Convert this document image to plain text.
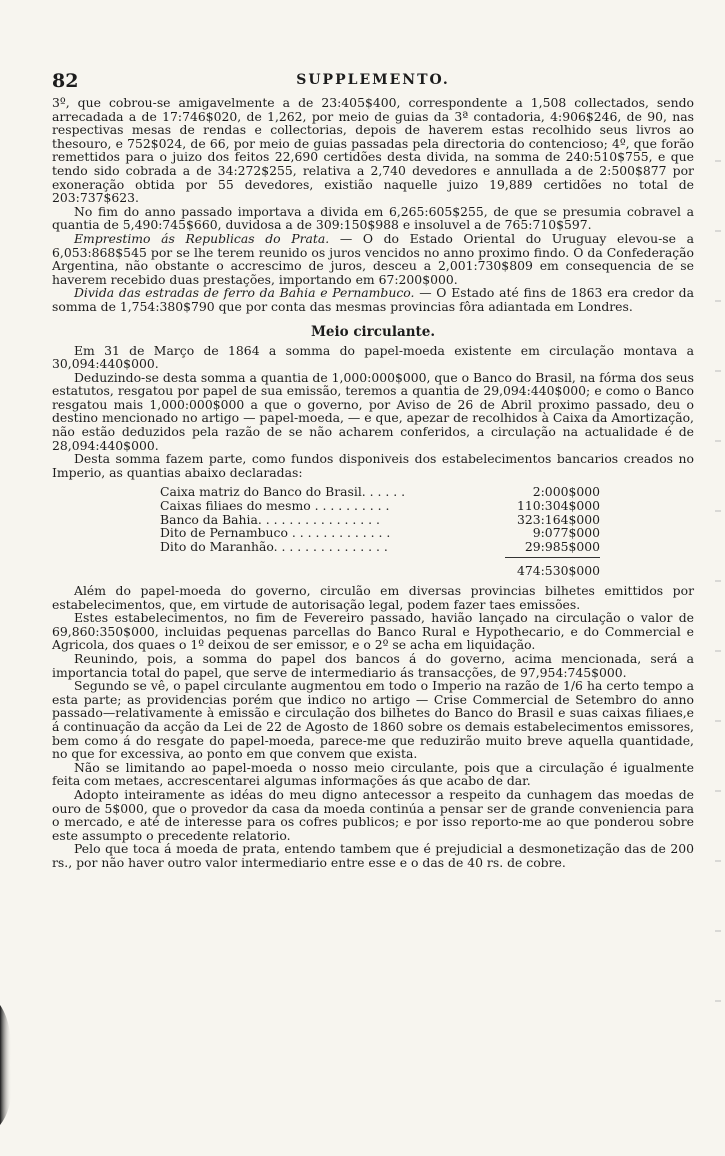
82	SUPPLEMENTO.

3º, que cobrou-se amigavelmente a de 23:405$400, correspondente a 1,508 collectados, sendo arrecadada a de 17:746$020, de 1,262, por meio de guias da 3ª contadoria, 4:906$246, de 90, nas respectivas mesas de rendas e collectorias, depois de haverem estas recolhido seus livros ao thesouro, e 752$024, de 66, por meio de guias passadas pela directoria do contencioso; 4º, que forão remettidos para o juizo dos feitos 22,690 certidões desta divida, na somma de 240:510$755, e que tendo sido cobrada a de 34:272$255, relativa a 2,740 devedores e annullada a de 2:500$877 por exoneração obtida por 55 devedores, existião naquelle juizo 19,889 certidões no total de 203:737$623.

No fim do anno passado importava a divida em 6,265:605$255, de que se presumia cobravel a quantia de 5,490:745$660, duvidosa a de 309:150$988 e insoluvel a de 765:710$597.

Emprestimo ás Republicas do Prata. — O do Estado Oriental do Uruguay elevou-se a 6,053:868$545 por se lhe terem reunido os juros vencidos no anno proximo findo. O da Confederação Argentina, não obstante o accrescimo de juros, desceu a 2,001:730$809 em consequencia de se haverem recebido duas prestações, importando em 67:200$000.

Divida das estradas de ferro da Bahia e Pernambuco. — O Estado até fins de 1863 era credor da somma de 1,754:380$790 que por conta das mesmas provincias fôra adiantada em Londres.

Meio circulante.

Em 31 de Março de 1864 a somma do papel-moeda existente em circulação montava a 30,094:440$000.

Deduzindo-se desta somma a quantia de 1,000:000$000, que o Banco do Brasil, na fórma dos seus estatutos, resgatou por papel de sua emissão, teremos a quantia de 29,094:440$000; e como o Banco resgatou mais 1,000:000$000 a que o governo, por Aviso de 26 de Abril proximo passado, deu o destino mencionado no artigo — papel-moeda, — e que, apezar de recolhidos à Caixa da Amortização, não estão deduzidos pela razão de se não acharem conferidos, a circulação na actualidade é de 28,094:440$000.

Desta somma fazem parte, como fundos disponiveis dos estabelecimentos bancarios creados no Imperio, as quantias abaixo declaradas:

Caixa matriz do Banco do Brasil. . . . . .	2:000$000
Caixas filiaes do mesmo . . . . . . . . . .	110:304$000
Banco da Bahia. . . . . . . . . . . . . . . .	323:164$000
Dito de Pernambuco . . . . . . . . . . . . .	9:077$000
Dito do Maranhão. . . . . . . . . . . . . . .	29:985$000
474:530$000

Além do papel-moeda do governo, circulão em diversas provincias bilhetes emittidos por estabelecimentos, que, em virtude de autorisação legal, podem fazer taes emissões.

Estes estabelecimentos, no fim de Fevereiro passado, havião lançado na circulação o valor de 69,860:350$000, incluidas pequenas parcellas do Banco Rural e Hypothecario, e do Commercial e Agricola, dos quaes o 1º deixou de ser emissor, e o 2º se acha em liquidação.

Reunindo, pois, a somma do papel dos bancos á do governo, acima mencionada, será a importancia total do papel, que serve de intermediario ás transacções, de 97,954:745$000.

Segundo se vê, o papel circulante augmentou em todo o Imperio na razão de 1/6 ha certo tempo a esta parte; as providencias porém que indico no artigo — Crise Commercial de Setembro do anno passado—relativamente à emissão e circulação dos bilhetes do Banco do Brasil e suas caixas filiaes,e á continuação da acção da Lei de 22 de Agosto de 1860 sobre os demais estabelecimentos emissores, bem como á do resgate do papel-moeda, parece-me que reduzirão muito breve aquella quantidade, no que for excessiva, ao ponto em que convem que exista.

Não se limitando ao papel-moeda o nosso meio circulante, pois que a circulação é igualmente feita com metaes, accrescentarei algumas informações ás que acabo de dar.

Adopto inteiramente as idéas do meu digno antecessor a respeito da cunhagem das moedas de ouro de 5$000, que o provedor da casa da moeda continúa a pensar ser de grande conveniencia para o mercado, e até de interesse para os cofres publicos; e por isso reporto-me ao que ponderou sobre este assumpto o precedente relatorio.

Pelo que toca á moeda de prata, entendo tambem que é prejudicial a desmonetização das de 200 rs., por não haver outro valor intermediario entre esse e o das de 40 rs. de cobre.
